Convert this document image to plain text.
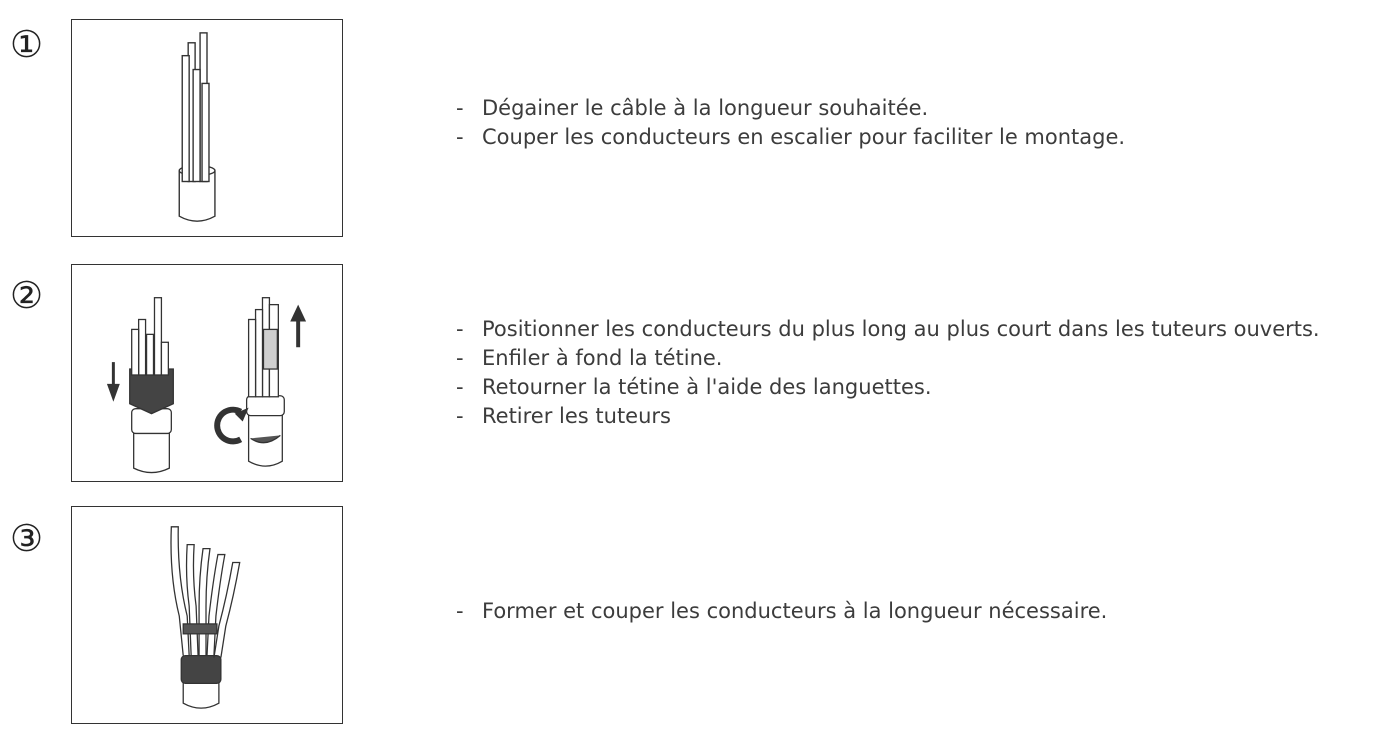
①
- Dégainer le câble à la longueur souhaitée.
- Couper les conducteurs en escalier pour faciliter le montage.
②
- Positionner les conducteurs du plus long au plus court dans les tuteurs ouverts.
- Enfiler à fond la tétine.
- Retourner la tétine à l'aide des languettes.
- Retirer les tuteurs
③
- Former et couper les conducteurs à la longueur nécessaire.
